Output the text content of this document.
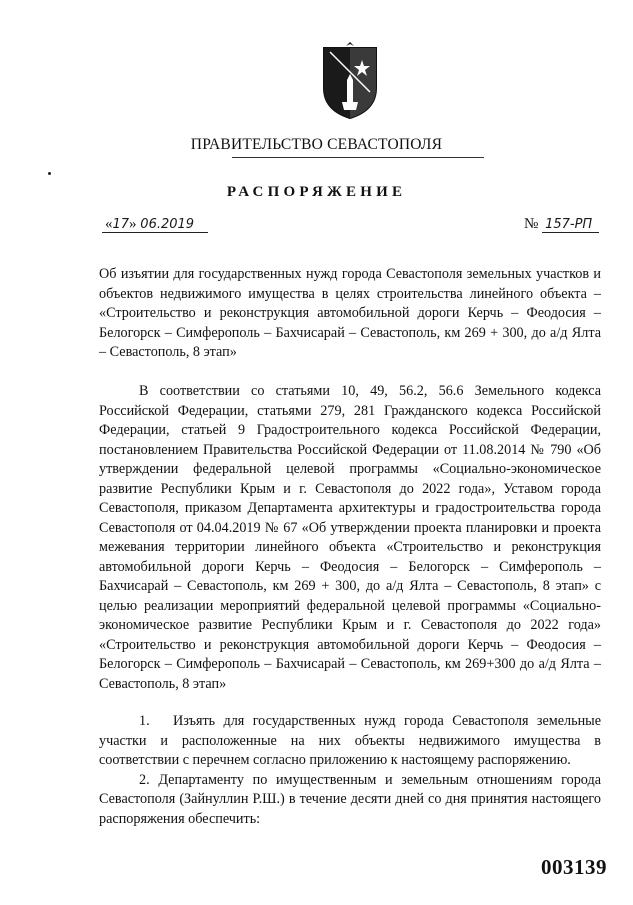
ПРАВИТЕЛЬСТВО СЕВАСТОПОЛЯ
РАСПОРЯЖЕНИЕ
«17» 06.2019	№ 157-РП

Об изъятии для государственных нужд города Севастополя земельных участков и объектов недвижимого имущества в целях строительства линейного объекта – «Строительство и реконструкция автомобильной дороги Керчь – Феодосия – Белогорск – Симферополь – Бахчисарай – Севастополь, км 269 + 300, до а/д Ялта – Севастополь, 8 этап»

В соответствии со статьями 10, 49, 56.2, 56.6 Земельного кодекса Российской Федерации, статьями 279, 281 Гражданского кодекса Российской Федерации, статьей 9 Градостроительного кодекса Российской Федерации, постановлением Правительства Российской Федерации от 11.08.2014 № 790 «Об утверждении федеральной целевой программы «Социально-экономическое развитие Республики Крым и г. Севастополя до 2022 года», Уставом города Севастополя, приказом Департамента архитектуры и градостроительства города Севастополя от 04.04.2019 № 67 «Об утверждении проекта планировки и проекта межевания территории линейного объекта «Строительство и реконструкция автомобильной дороги Керчь – Феодосия – Белогорск – Симферополь – Бахчисарай – Севастополь, км 269 + 300, до а/д Ялта – Севастополь, 8 этап» с целью реализации мероприятий федеральной целевой программы «Социально-экономическое развитие Республики Крым и г. Севастополя до 2022 года» «Строительство и реконструкция автомобильной дороги Керчь – Феодосия – Белогорск – Симферополь – Бахчисарай – Севастополь, км 269+300 до а/д Ялта – Севастополь, 8 этап»

1. Изъять для государственных нужд города Севастополя земельные участки и расположенные на них объекты недвижимого имущества в соответствии с перечнем согласно приложению к настоящему распоряжению.

2. Департаменту по имущественным и земельным отношениям города Севастополя (Зайнуллин Р.Ш.) в течение десяти дней со дня принятия настоящего распоряжения обеспечить:

003139
